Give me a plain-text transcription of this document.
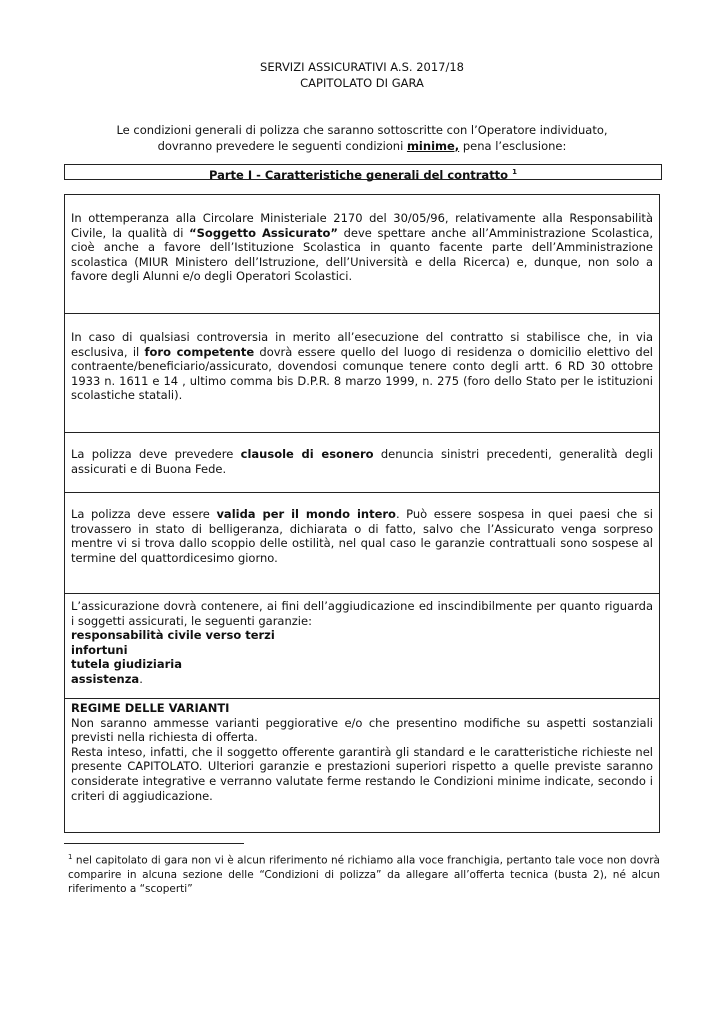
SERVIZI ASSICURATIVI A.S. 2017/18
CAPITOLATO DI GARA
Le condizioni generali di polizza che saranno sottoscritte con l’Operatore individuato,
dovranno prevedere le seguenti condizioni minime, pena l’esclusione:
Parte I - Caratteristiche generali del contratto $^1$

In ottemperanza alla Circolare Ministeriale 2170 del 30/05/96, relativamente alla Responsabilità Civile, la qualità di “Soggetto Assicurato” deve spettare anche all’Amministrazione Scolastica, cioè anche a favore dell’Istituzione Scolastica in quanto facente parte dell’Amministrazione scolastica (MIUR Ministero dell’Istruzione, dell’Università e della Ricerca) e, dunque, non solo a favore degli Alunni e/o degli Operatori Scolastici.

In caso di qualsiasi controversia in merito all’esecuzione del contratto si stabilisce che, in via esclusiva, il foro competente dovrà essere quello del luogo di residenza o domicilio elettivo del contraente/beneficiario/assicurato, dovendosi comunque tenere conto degli artt. 6 RD 30 ottobre 1933 n. 1611 e 14 , ultimo comma bis D.P.R. 8 marzo 1999, n. 275 (foro dello Stato per le istituzioni scolastiche statali).

La polizza deve prevedere clausole di esonero denuncia sinistri precedenti, generalità degli assicurati e di Buona Fede.

La polizza deve essere valida per il mondo intero. Può essere sospesa in quei paesi che si trovassero in stato di belligeranza, dichiarata o di fatto, salvo che l’Assicurato venga sorpreso mentre vi si trova dallo scoppio delle ostilità, nel qual caso le garanzie contrattuali sono sospese al termine del quattordicesimo giorno.

L’assicurazione dovrà contenere, ai fini dell’aggiudicazione ed inscindibilmente per quanto riguarda i soggetti assicurati, le seguenti garanzie:

responsabilità civile verso terzi

infortuni

tutela giudiziaria

assistenza.

REGIME DELLE VARIANTI

Non saranno ammesse varianti peggiorative e/o che presentino modifiche su aspetti sostanziali previsti nella richiesta di offerta.

Resta inteso, infatti, che il soggetto offerente garantirà gli standard e le caratteristiche richieste nel presente CAPITOLATO. Ulteriori garanzie e prestazioni superiori rispetto a quelle previste saranno considerate integrative e verranno valutate ferme restando le Condizioni minime indicate, secondo i criteri di aggiudicazione.

$^1$ nel capitolato di gara non vi è alcun riferimento né richiamo alla voce franchigia, pertanto tale voce non dovrà comparire in alcuna sezione delle “Condizioni di polizza” da allegare all’offerta tecnica (busta 2), né alcun riferimento a “scoperti”
